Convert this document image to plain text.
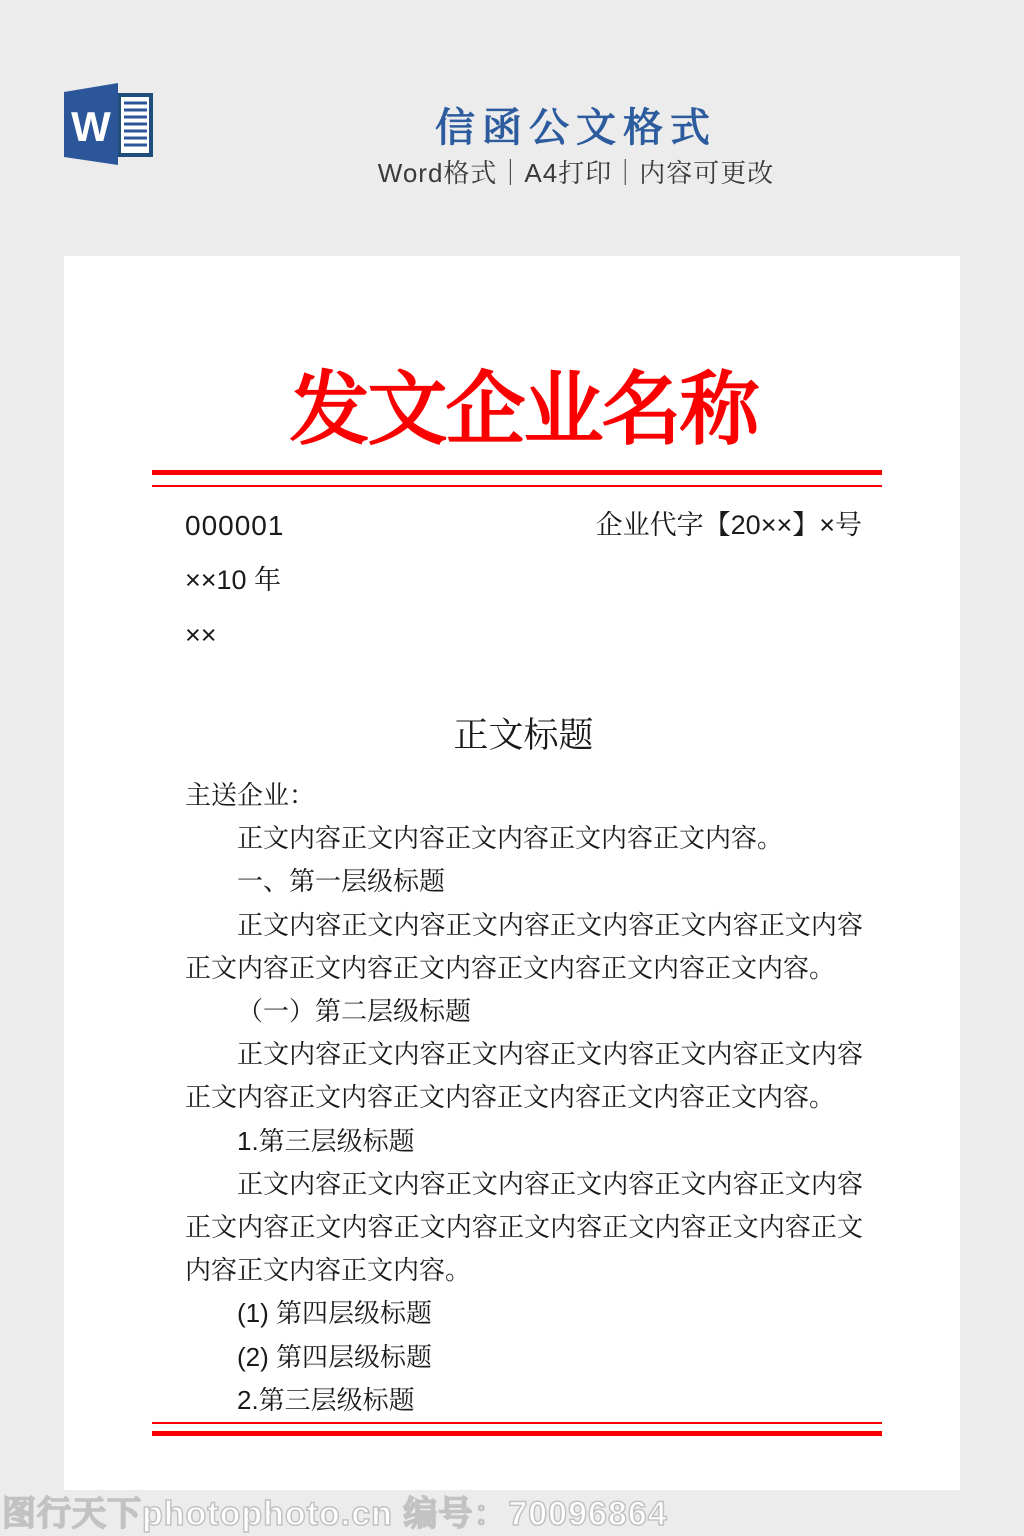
W	信函公文格式
Word格式｜A4打印｜内容可更改
发文企业名称
000001	企业代字【20××】×号
××10 年
××
正文标题

主送企业：

正文内容正文内容正文内容正文内容正文内容。

一、第一层级标题

正文内容正文内容正文内容正文内容正文内容正文内容正文内容正文内容正文内容正文内容正文内容正文内容。

（一）第二层级标题

正文内容正文内容正文内容正文内容正文内容正文内容正文内容正文内容正文内容正文内容正文内容正文内容。

1.第三层级标题

正文内容正文内容正文内容正文内容正文内容正文内容正文内容正文内容正文内容正文内容正文内容正文内容正文内容正文内容正文内容。

(1) 第四层级标题

(2) 第四层级标题

2.第三层级标题

图行天下photophoto.cn 编号：70096864
